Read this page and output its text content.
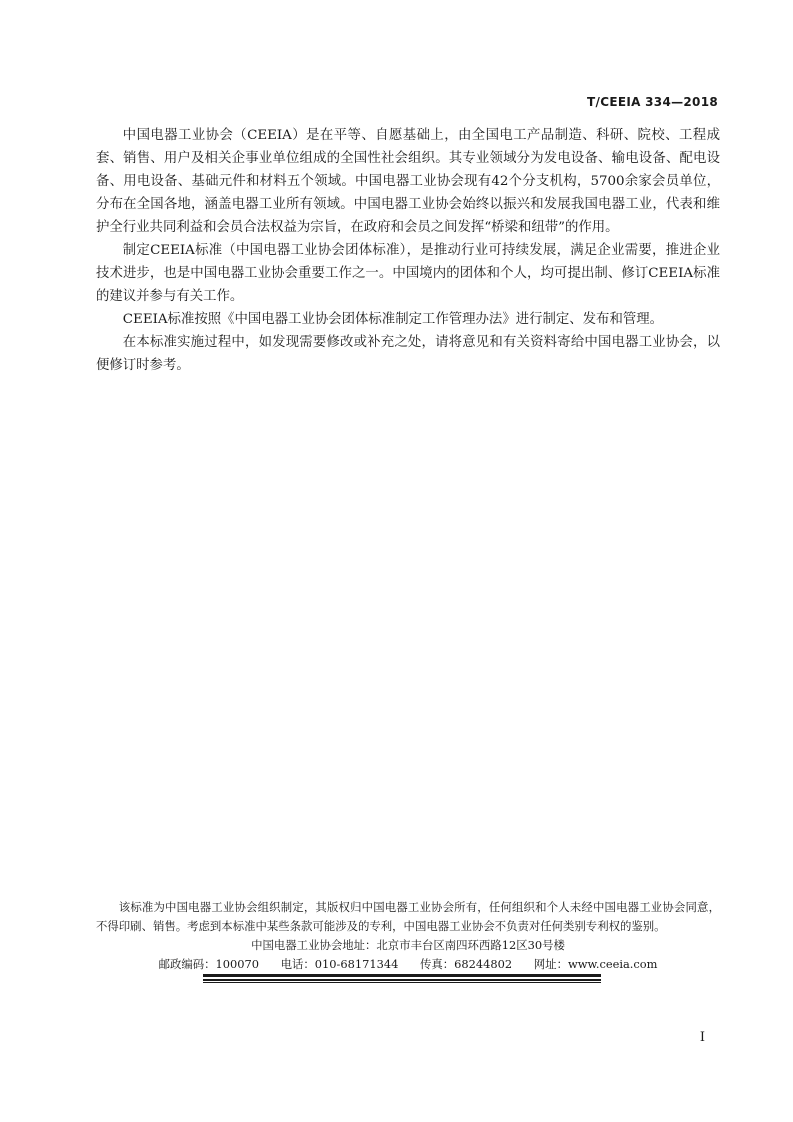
T/CEEIA 334—2018

中国电器工业协会（CEEIA）是在平等、自愿基础上，由全国电工产品制造、科研、院校、工程成套、销售、用户及相关企事业单位组成的全国性社会组织。其专业领域分为发电设备、输电设备、配电设备、用电设备、基础元件和材料五个领域。中国电器工业协会现有42个分支机构，5700余家会员单位，分布在全国各地，涵盖电器工业所有领域。中国电器工业协会始终以振兴和发展我国电器工业，代表和维护全行业共同利益和会员合法权益为宗旨，在政府和会员之间发挥“桥梁和纽带”的作用。

制定CEEIA标准（中国电器工业协会团体标准），是推动行业可持续发展，满足企业需要，推进企业技术进步，也是中国电器工业协会重要工作之一。中国境内的团体和个人，均可提出制、修订CEEIA标准的建议并参与有关工作。

CEEIA标准按照《中国电器工业协会团体标准制定工作管理办法》进行制定、发布和管理。

在本标准实施过程中，如发现需要修改或补充之处，请将意见和有关资料寄给中国电器工业协会，以便修订时参考。

该标准为中国电器工业协会组织制定，其版权归中国电器工业协会所有，任何组织和个人未经中国电器工业协会同意，不得印刷、销售。考虑到本标准中某些条款可能涉及的专利，中国电器工业协会不负责对任何类别专利权的鉴别。

中国电器工业协会地址：北京市丰台区南四环西路12区30号楼

邮政编码：100070 电话：010-68171344 传真：68244802 网址：www.ceeia.com

I
